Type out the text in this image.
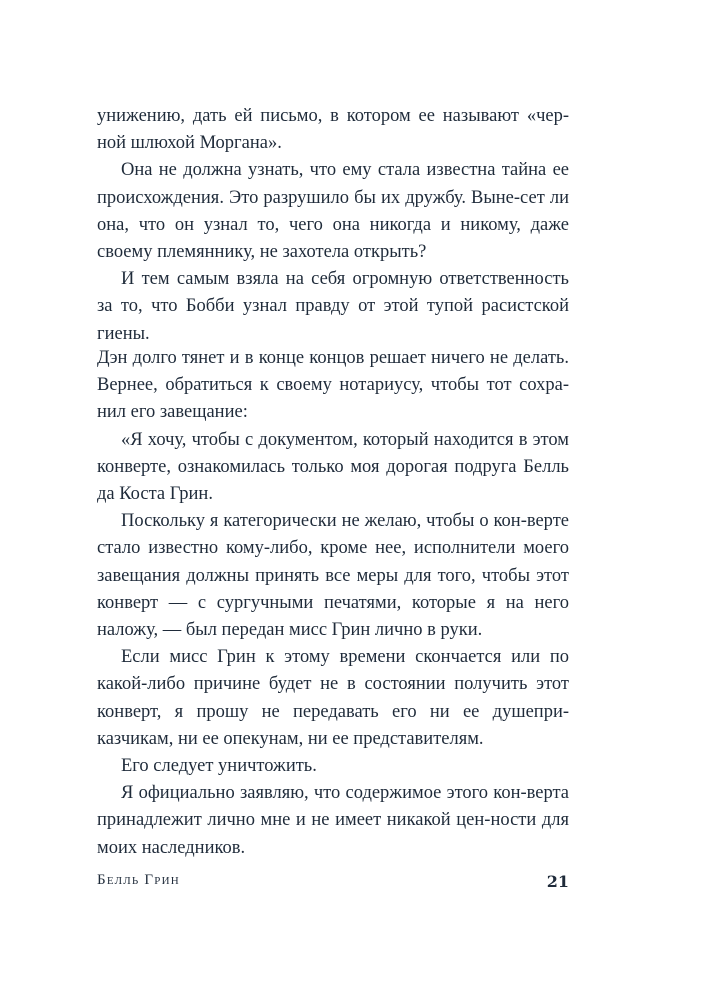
унижению, дать ей письмо, в котором ее называют «чер-ной шлюхой Моргана».

Она не должна узнать, что ему стала известна тайна ее происхождения. Это разрушило бы их дружбу. Выне-сет ли она, что он узнал то, чего она никогда и никому, даже своему племяннику, не захотела открыть?

И тем самым взяла на себя огромную ответственность за то, что Бобби узнал правду от этой тупой расистской гиены.

Дэн долго тянет и в конце концов решает ничего не делать. Вернее, обратиться к своему нотариусу, чтобы тот сохра-нил его завещание:

«Я хочу, чтобы с документом, который находится в этом конверте, ознакомилась только моя дорогая подруга Белль да Коста Грин.

Поскольку я категорически не желаю, чтобы о кон-верте стало известно кому-либо, кроме нее, исполнители моего завещания должны принять все меры для того, чтобы этот конверт — с сургучными печатями, которые я на него наложу, — был передан мисс Грин лично в руки.

Если мисс Грин к этому времени скончается или по какой-либо причине будет не в состоянии получить этот конверт, я прошу не передавать его ни ее душепри-казчикам, ни ее опекунам, ни ее представителям.

Его следует уничтожить.

Я официально заявляю, что содержимое этого кон-верта принадлежит лично мне и не имеет никакой цен-ности для моих наследников.

Белль Грин	21
